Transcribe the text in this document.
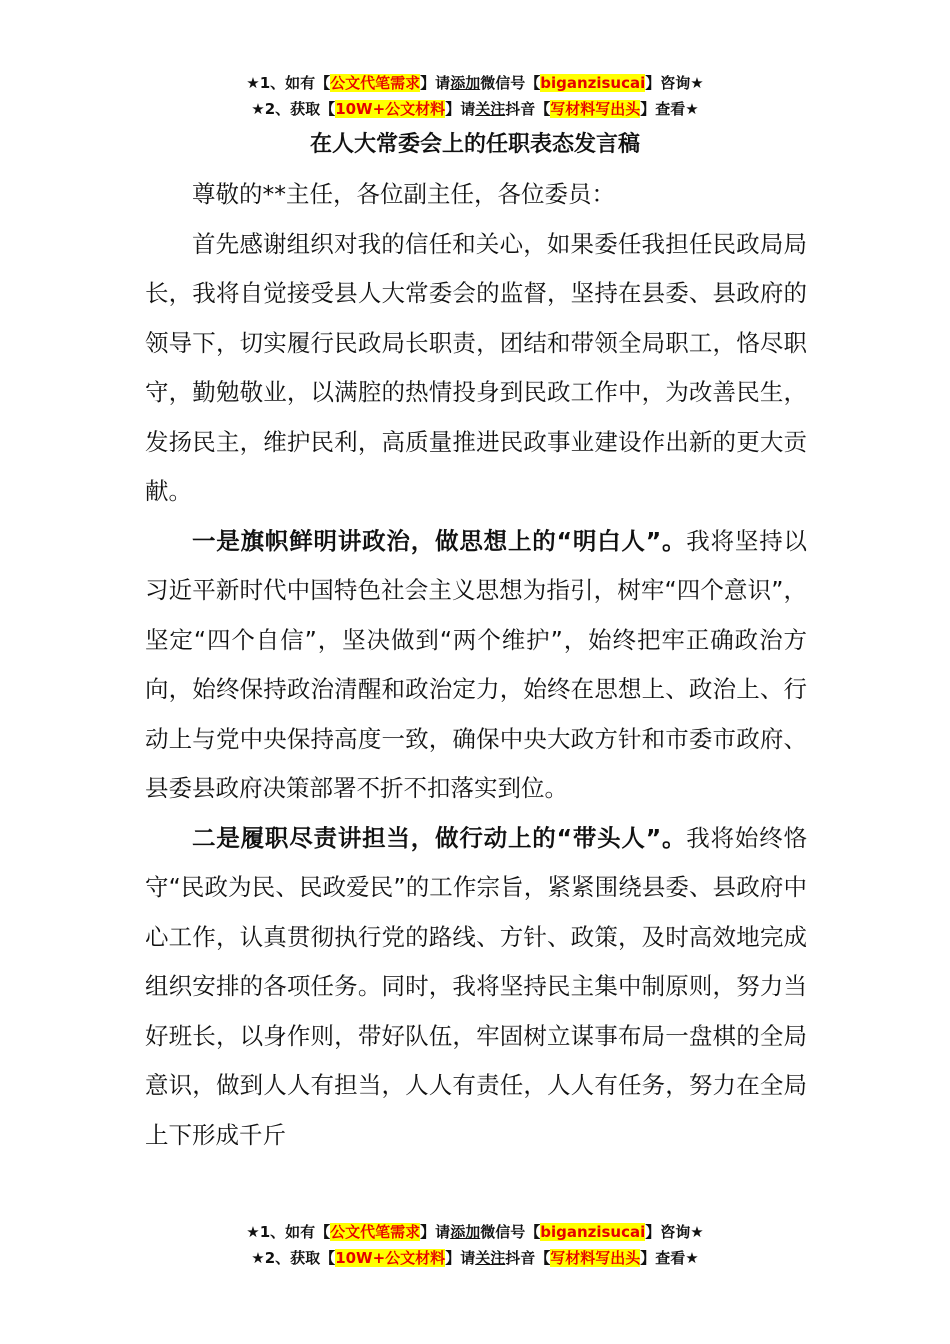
★1、如有【公文代笔需求】请添加微信号【biganzisucai】咨询★
★2、获取【10W+公文材料】请关注抖音【写材料写出头】查看★
在人大常委会上的任职表态发言稿

尊敬的**主任，各位副主任，各位委员：

首先感谢组织对我的信任和关心，如果委任我担任民政局局长，我将自觉接受县人大常委会的监督，坚持在县委、县政府的领导下，切实履行民政局长职责，团结和带领全局职工，恪尽职守，勤勉敬业，以满腔的热情投身到民政工作中，为改善民生，发扬民主，维护民利，高质量推进民政事业建设作出新的更大贡献。

一是旗帜鲜明讲政治，做思想上的“明白人”。我将坚持以习近平新时代中国特色社会主义思想为指引，树牢“四个意识”，坚定“四个自信”，坚决做到“两个维护”，始终把牢正确政治方向，始终保持政治清醒和政治定力，始终在思想上、政治上、行动上与党中央保持高度一致，确保中央大政方针和市委市政府、县委县政府决策部署不折不扣落实到位。

二是履职尽责讲担当，做行动上的“带头人”。我将始终恪守“民政为民、民政爱民”的工作宗旨，紧紧围绕县委、县政府中心工作，认真贯彻执行党的路线、方针、政策，及时高效地完成组织安排的各项任务。同时，我将坚持民主集中制原则，努力当好班长，以身作则，带好队伍，牢固树立谋事布局一盘棋的全局意识，做到人人有担当，人人有责任，人人有任务，努力在全局上下形成千斤

★1、如有【公文代笔需求】请添加微信号【biganzisucai】咨询★
★2、获取【10W+公文材料】请关注抖音【写材料写出头】查看★
